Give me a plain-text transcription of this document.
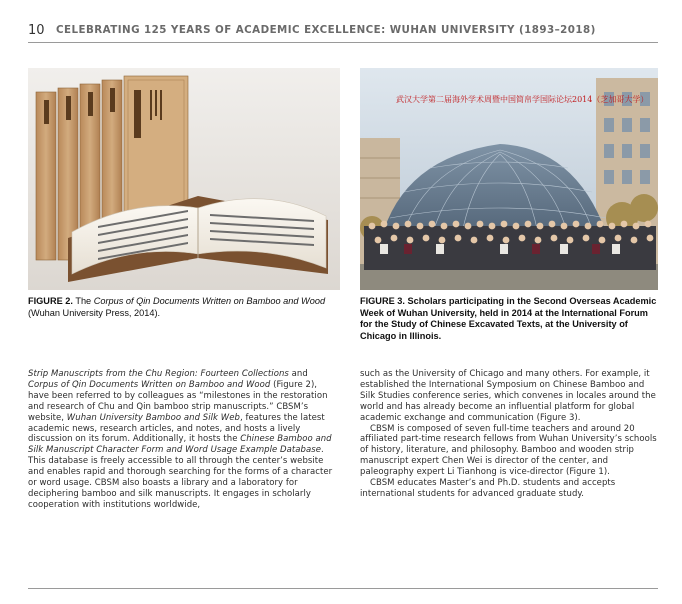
10	CELEBRATING 125 YEARS OF ACADEMIC EXCELLENCE: WUHAN UNIVERSITY (1893–2018)
FIGURE 2. The Corpus of Qin Documents Written on Bamboo and Wood (Wuhan University Press, 2014).
武汉大学第二届海外学术周暨中国简帛学国际论坛2014（芝加哥大学）
FIGURE 3. Scholars participating in the Second Overseas Academic Week of Wuhan University, held in 2014 at the International Forum for the Study of Chinese Excavated Texts, at the University of Chicago in Illinois.

Strip Manuscripts from the Chu Region: Fourteen Collections and Corpus of Qin Documents Written on Bamboo and Wood (Figure 2), have been referred to by colleagues as “milestones in the restoration and research of Chu and Qin bamboo strip manuscripts.” CBSM’s website, Wuhan University Bamboo and Silk Web, features the latest academic news, research articles, and notes, and hosts a lively discussion on its forum. Additionally, it hosts the Chinese Bamboo and Silk Manuscript Character Form and Word Usage Example Database. This database is freely accessible to all through the center’s website and enables rapid and thorough searching for the forms of a character or word usage. CBSM also boasts a library and a laboratory for deciphering bamboo and silk manuscripts. It engages in scholarly cooperation with institutions worldwide,

such as the University of Chicago and many others. For example, it established the International Symposium on Chinese Bamboo and Silk Studies conference series, which convenes in locales around the world and has already become an influential platform for global academic exchange and communication (Figure 3).

CBSM is composed of seven full-time teachers and around 20 affiliated part-time research fellows from Wuhan University’s schools of history, literature, and philosophy. Bamboo and wooden strip manuscript expert Chen Wei is director of the center, and paleography expert Li Tianhong is vice-director (Figure 1).

CBSM educates Master’s and Ph.D. students and accepts international students for advanced graduate study.
